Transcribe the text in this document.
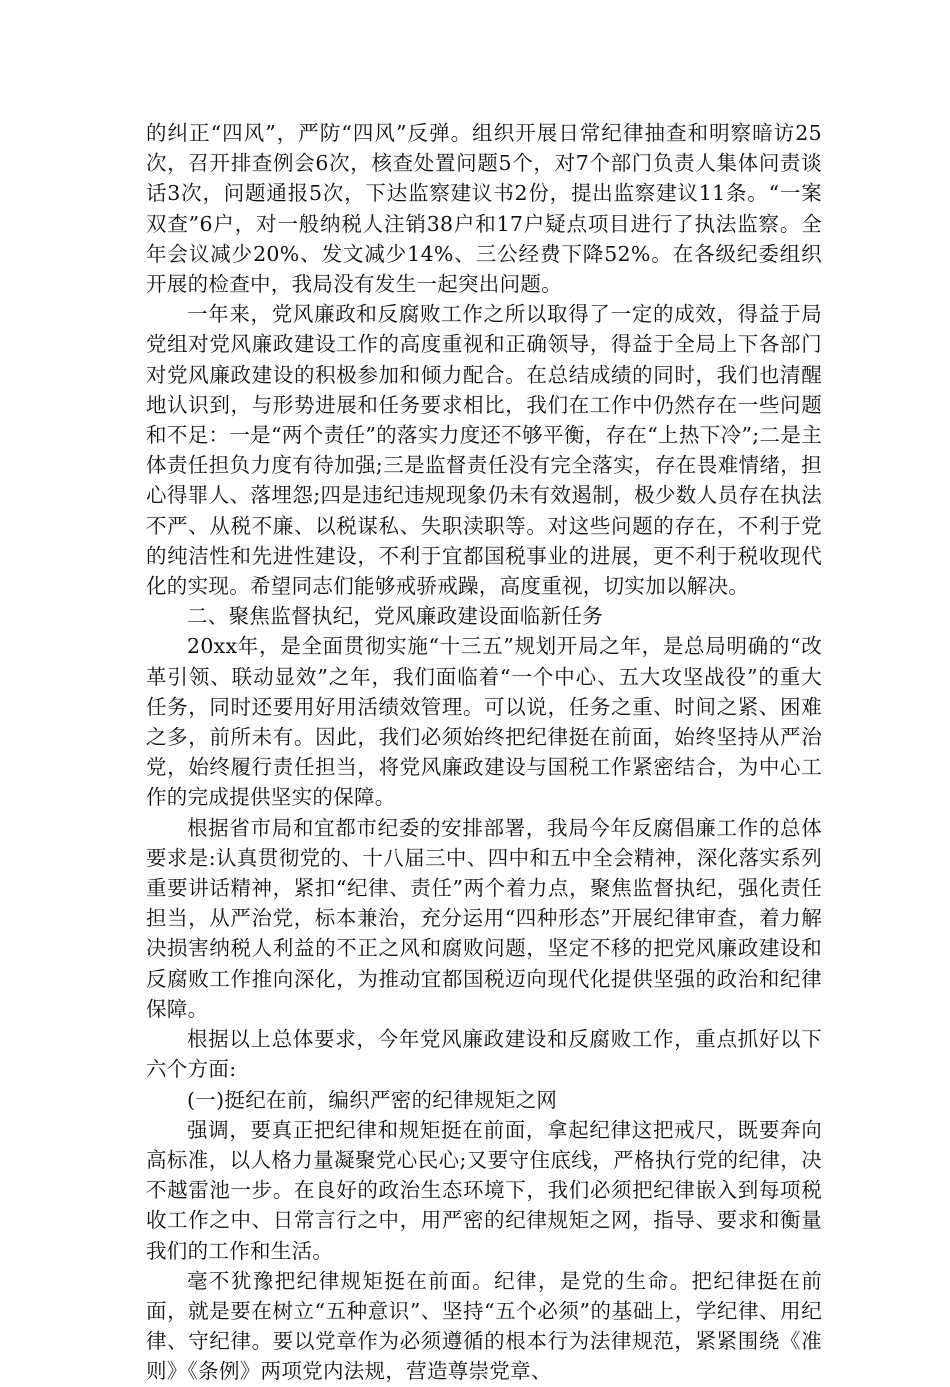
的纠正“四风”，严防“四风”反弹。组织开展日常纪律抽查和明察暗访25次，召开排查例会6次，核查处置问题5个，对7个部门负责人集体问责谈话3次，问题通报5次，下达监察建议书2份，提出监察建议11条。“一案双查”6户，对一般纳税人注销38户和17户疑点项目进行了执法监察。全年会议减少20%、发文减少14%、三公经费下降52%。在各级纪委组织开展的检查中，我局没有发生一起突出问题。

一年来，党风廉政和反腐败工作之所以取得了一定的成效，得益于局党组对党风廉政建设工作的高度重视和正确领导，得益于全局上下各部门对党风廉政建设的积极参加和倾力配合。在总结成绩的同时，我们也清醒地认识到，与形势进展和任务要求相比，我们在工作中仍然存在一些问题和不足：一是“两个责任”的落实力度还不够平衡，存在“上热下冷”;二是主体责任担负力度有待加强;三是监督责任没有完全落实，存在畏难情绪，担心得罪人、落埋怨;四是违纪违规现象仍未有效遏制，极少数人员存在执法不严、从税不廉、以税谋私、失职渎职等。对这些问题的存在，不利于党的纯洁性和先进性建设，不利于宜都国税事业的进展，更不利于税收现代化的实现。希望同志们能够戒骄戒躁，高度重视，切实加以解决。

二、聚焦监督执纪，党风廉政建设面临新任务

20xx年，是全面贯彻实施“十三五”规划开局之年，是总局明确的“改革引领、联动显效”之年，我们面临着“一个中心、五大攻坚战役”的重大任务，同时还要用好用活绩效管理。可以说，任务之重、时间之紧、困难之多，前所未有。因此，我们必须始终把纪律挺在前面，始终坚持从严治党，始终履行责任担当，将党风廉政建设与国税工作紧密结合，为中心工作的完成提供坚实的保障。

根据省市局和宜都市纪委的安排部署，我局今年反腐倡廉工作的总体要求是:认真贯彻党的、十八届三中、四中和五中全会精神，深化落实系列重要讲话精神，紧扣“纪律、责任”两个着力点，聚焦监督执纪，强化责任担当，从严治党，标本兼治，充分运用“四种形态”开展纪律审查，着力解决损害纳税人利益的不正之风和腐败问题，坚定不移的把党风廉政建设和反腐败工作推向深化，为推动宜都国税迈向现代化提供坚强的政治和纪律保障。

根据以上总体要求，今年党风廉政建设和反腐败工作，重点抓好以下六个方面:

(一)挺纪在前，编织严密的纪律规矩之网

强调，要真正把纪律和规矩挺在前面，拿起纪律这把戒尺，既要奔向高标准，以人格力量凝聚党心民心;又要守住底线，严格执行党的纪律，决不越雷池一步。在良好的政治生态环境下，我们必须把纪律嵌入到每项税收工作之中、日常言行之中，用严密的纪律规矩之网，指导、要求和衡量我们的工作和生活。

毫不犹豫把纪律规矩挺在前面。纪律，是党的生命。把纪律挺在前面，就是要在树立“五种意识”、坚持“五个必须”的基础上，学纪律、用纪律、守纪律。要以党章作为必须遵循的根本行为法律规范，紧紧围绕《准则》《条例》两项党内法规，营造尊崇党章、
